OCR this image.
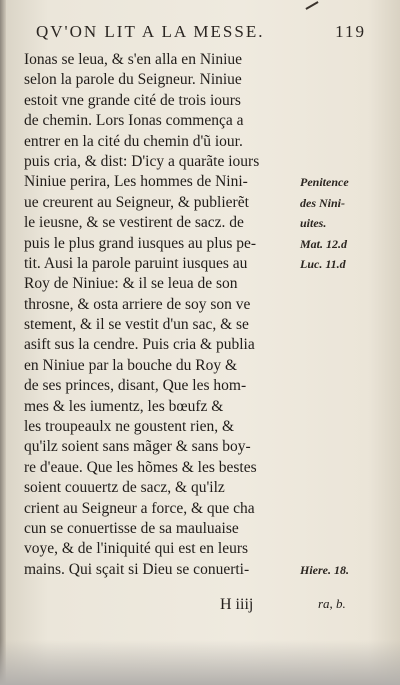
QV'ON LIT A LA MESSE.	119
Ionas se leua, & s'en alla en Niniue
selon la parole du Seigneur. Niniue
estoit vne grande cité de trois iours
de chemin. Lors Ionas commença a
entrer en la cité du chemin d'ũ iour.
puis cria, & dist: D'icy a quarãte iours
Niniue perira, Les hommes de Nini-
ue creurent au Seigneur, & publierẽt
le ieusne, & se vestirent de sacz. de
puis le plus grand iusques au plus pe-
tit. Ausi la parole paruint iusques au
Roy de Niniue: & il se leua de son
throsne, & osta arriere de soy son ve
stement, & il se vestit d'un sac, & se
asift sus la cendre. Puis cria & publia
en Niniue par la bouche du Roy &
de ses princes, disant, Que les hom-
mes & les iumentz, les bœufz &
les troupeaulx ne goustent rien, &
qu'ilz soient sans mãger & sans boy-
re d'eaue. Que les hõmes & les bestes
soient couuertz de sacz, & qu'ilz
crient au Seigneur a force, & que cha
cun se conuertisse de sa mauluaise
voye, & de l'iniquité qui est en leurs
mains. Qui sçait si Dieu se conuerti-
Penitence
des Nini-
uites.
Mat. 12.d
Luc. 11.d
Hiere. 18.
H iiij	ra, b.
